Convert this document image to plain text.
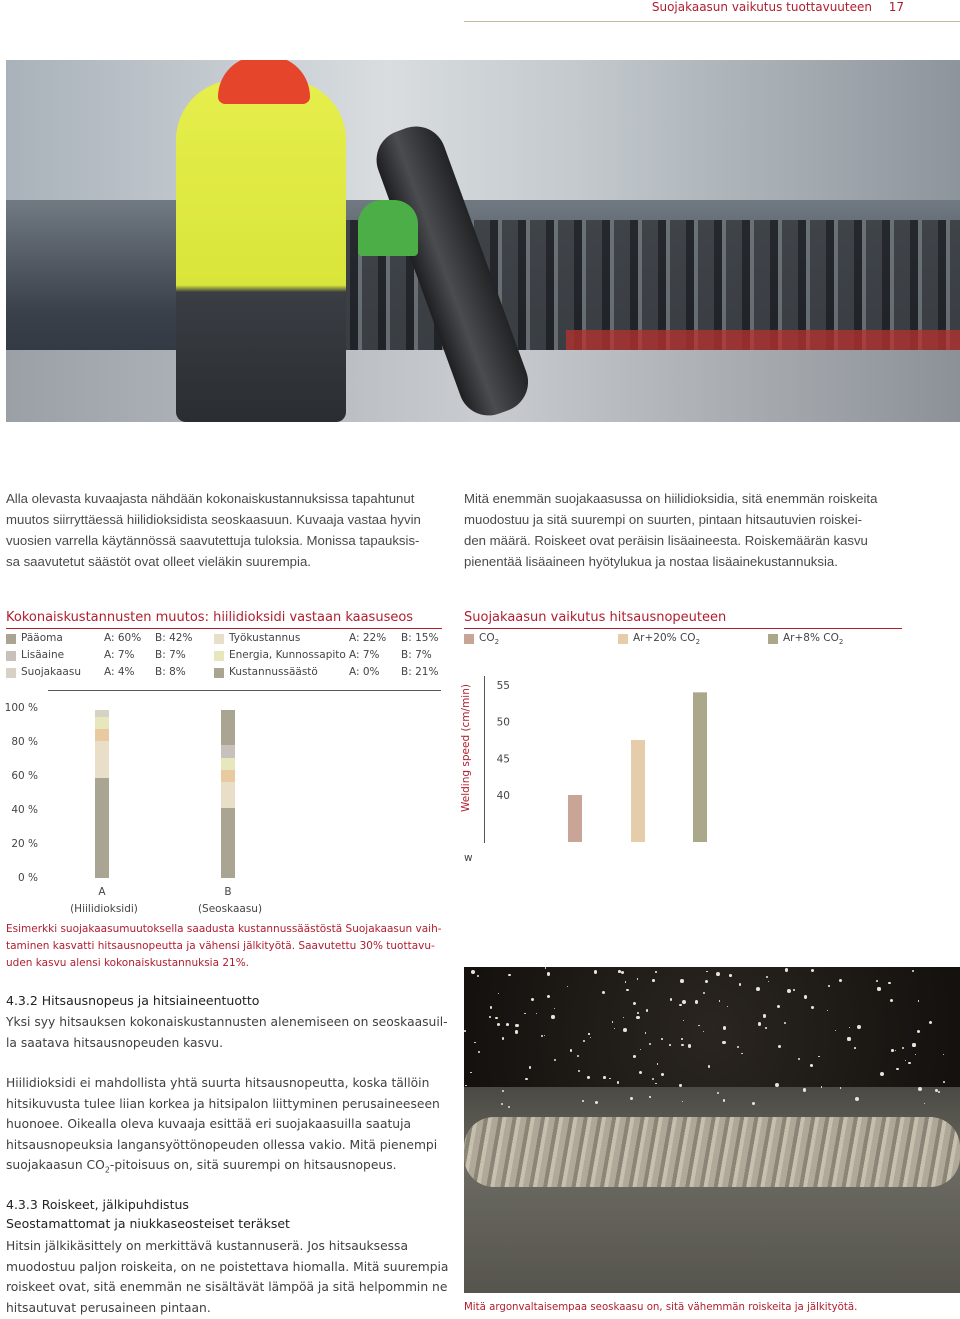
Suojakaasun vaikutus tuottavuuteen	17
Alla olevasta kuvaajasta nähdään kokonaiskustannuksissa tapahtunut
muutos siirryttäessä hiilidioksidista seoskaasuun. Kuvaaja vastaa hyvin
vuosien varrella käytännössä saavutettuja tuloksia. Monissa tapauksis-
sa saavutetut säästöt ovat olleet vieläkin suurempia.
Mitä enemmän suojakaasussa on hiilidioksidia, sitä enemmän roiskeita
muodostuu ja sitä suurempi on suurten, pintaan hitsautuvien roiskei-
den määrä. Roiskeet ovat peräisin lisäaineesta. Roiskemäärän kasvu
pienentää lisäaineen hyötylukua ja nostaa lisäainekustannuksia.
Kokonaiskustannusten muutos: hiilidioksidi vastaan kaasuseos
Pääoma	A: 60% B: 42%
Lisäaine	A: 7% B: 7%
Suojakaasu A: 4% B: 8%
Työkustannus	A: 22% B: 15%
Energia, Kunnossapito A: 7% B: 7%
Kustannussäästö	A: 0% B: 21%
100 %
80 %
60 %
40 %
20 %
0 %
A
(Hiilidioksidi)
B
(Seoskaasu)
Esimerkki suojakaasumuutoksella saadusta kustannussäästöstä Suojakaasun vaih-
taminen kasvatti hitsausnopeutta ja vähensi jälkityötä. Saavutettu 30% tuottavu-
uden kasvu alensi kokonaiskustannuksia 21%.
Suojakaasun vaikutus hitsausnopeuteen
$CO_2$	Ar+20% $CO_2$	Ar+8% $CO_2$
Welding speed (cm/min)
w
40
45
50
55
4.3.2 Hitsausnopeus ja hitsiaineentuotto
Yksi syy hitsauksen kokonaiskustannusten alenemiseen on seoskaasuil-
la saatava hitsausnopeuden kasvu.
Hiilidioksidi ei mahdollista yhtä suurta hitsausnopeutta, koska tällöin
hitsikuvusta tulee liian korkea ja hitsipalon liittyminen perusaineeseen
huonoee. Oikealla oleva kuvaaja esittää eri suojakaasuilla saatuja
hitsausnopeuksia langansyöttönopeuden ollessa vakio. Mitä pienempi
suojakaasun $CO_2$-pitoisuus on, sitä suurempi on hitsausnopeus.
4.3.3 Roiskeet, jälkipuhdistus
Seostamattomat ja niukkaseosteiset teräkset
Hitsin jälkikäsittely on merkittävä kustannuserä. Jos hitsauksessa
muodostuu paljon roiskeita, on ne poistettava hiomalla. Mitä suurempia
roiskeet ovat, sitä enemmän ne sisältävät lämpöä ja sitä helpommin ne
hitsautuvat perusaineen pintaan.	Mitä argonvaltaisempaa seoskaasu on, sitä vähemmän roiskeita ja jälkityötä.
